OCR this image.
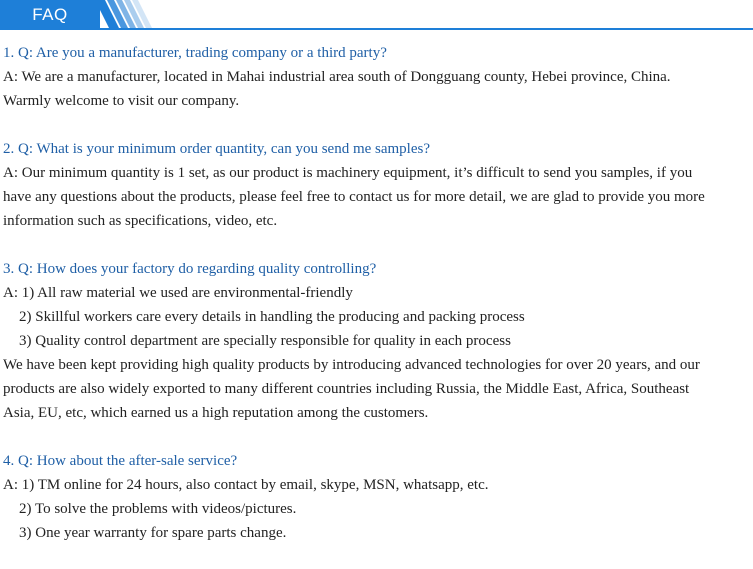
FAQ
1. Q: Are you a manufacturer, trading company or a third party?
A: We are a manufacturer, located in Mahai industrial area south of Dongguang county, Hebei province, China.
Warmly welcome to visit our company.
2. Q: What is your minimum order quantity, can you send me samples?
A: Our minimum quantity is 1 set, as our product is machinery equipment, it’s difficult to send you samples, if you
have any questions about the products, please feel free to contact us for more detail, we are glad to provide you more
information such as specifications, video, etc.
3. Q: How does your factory do regarding quality controlling?
A: 1) All raw material we used are environmental-friendly
2) Skillful workers care every details in handling the producing and packing process
3) Quality control department are specially responsible for quality in each process
We have been kept providing high quality products by introducing advanced technologies for over 20 years, and our
products are also widely exported to many different countries including Russia, the Middle East, Africa, Southeast
Asia, EU, etc, which earned us a high reputation among the customers.
4. Q: How about the after-sale service?
A: 1) TM online for 24 hours, also contact by email, skype, MSN, whatsapp, etc.
2) To solve the problems with videos/pictures.
3) One year warranty for spare parts change.
